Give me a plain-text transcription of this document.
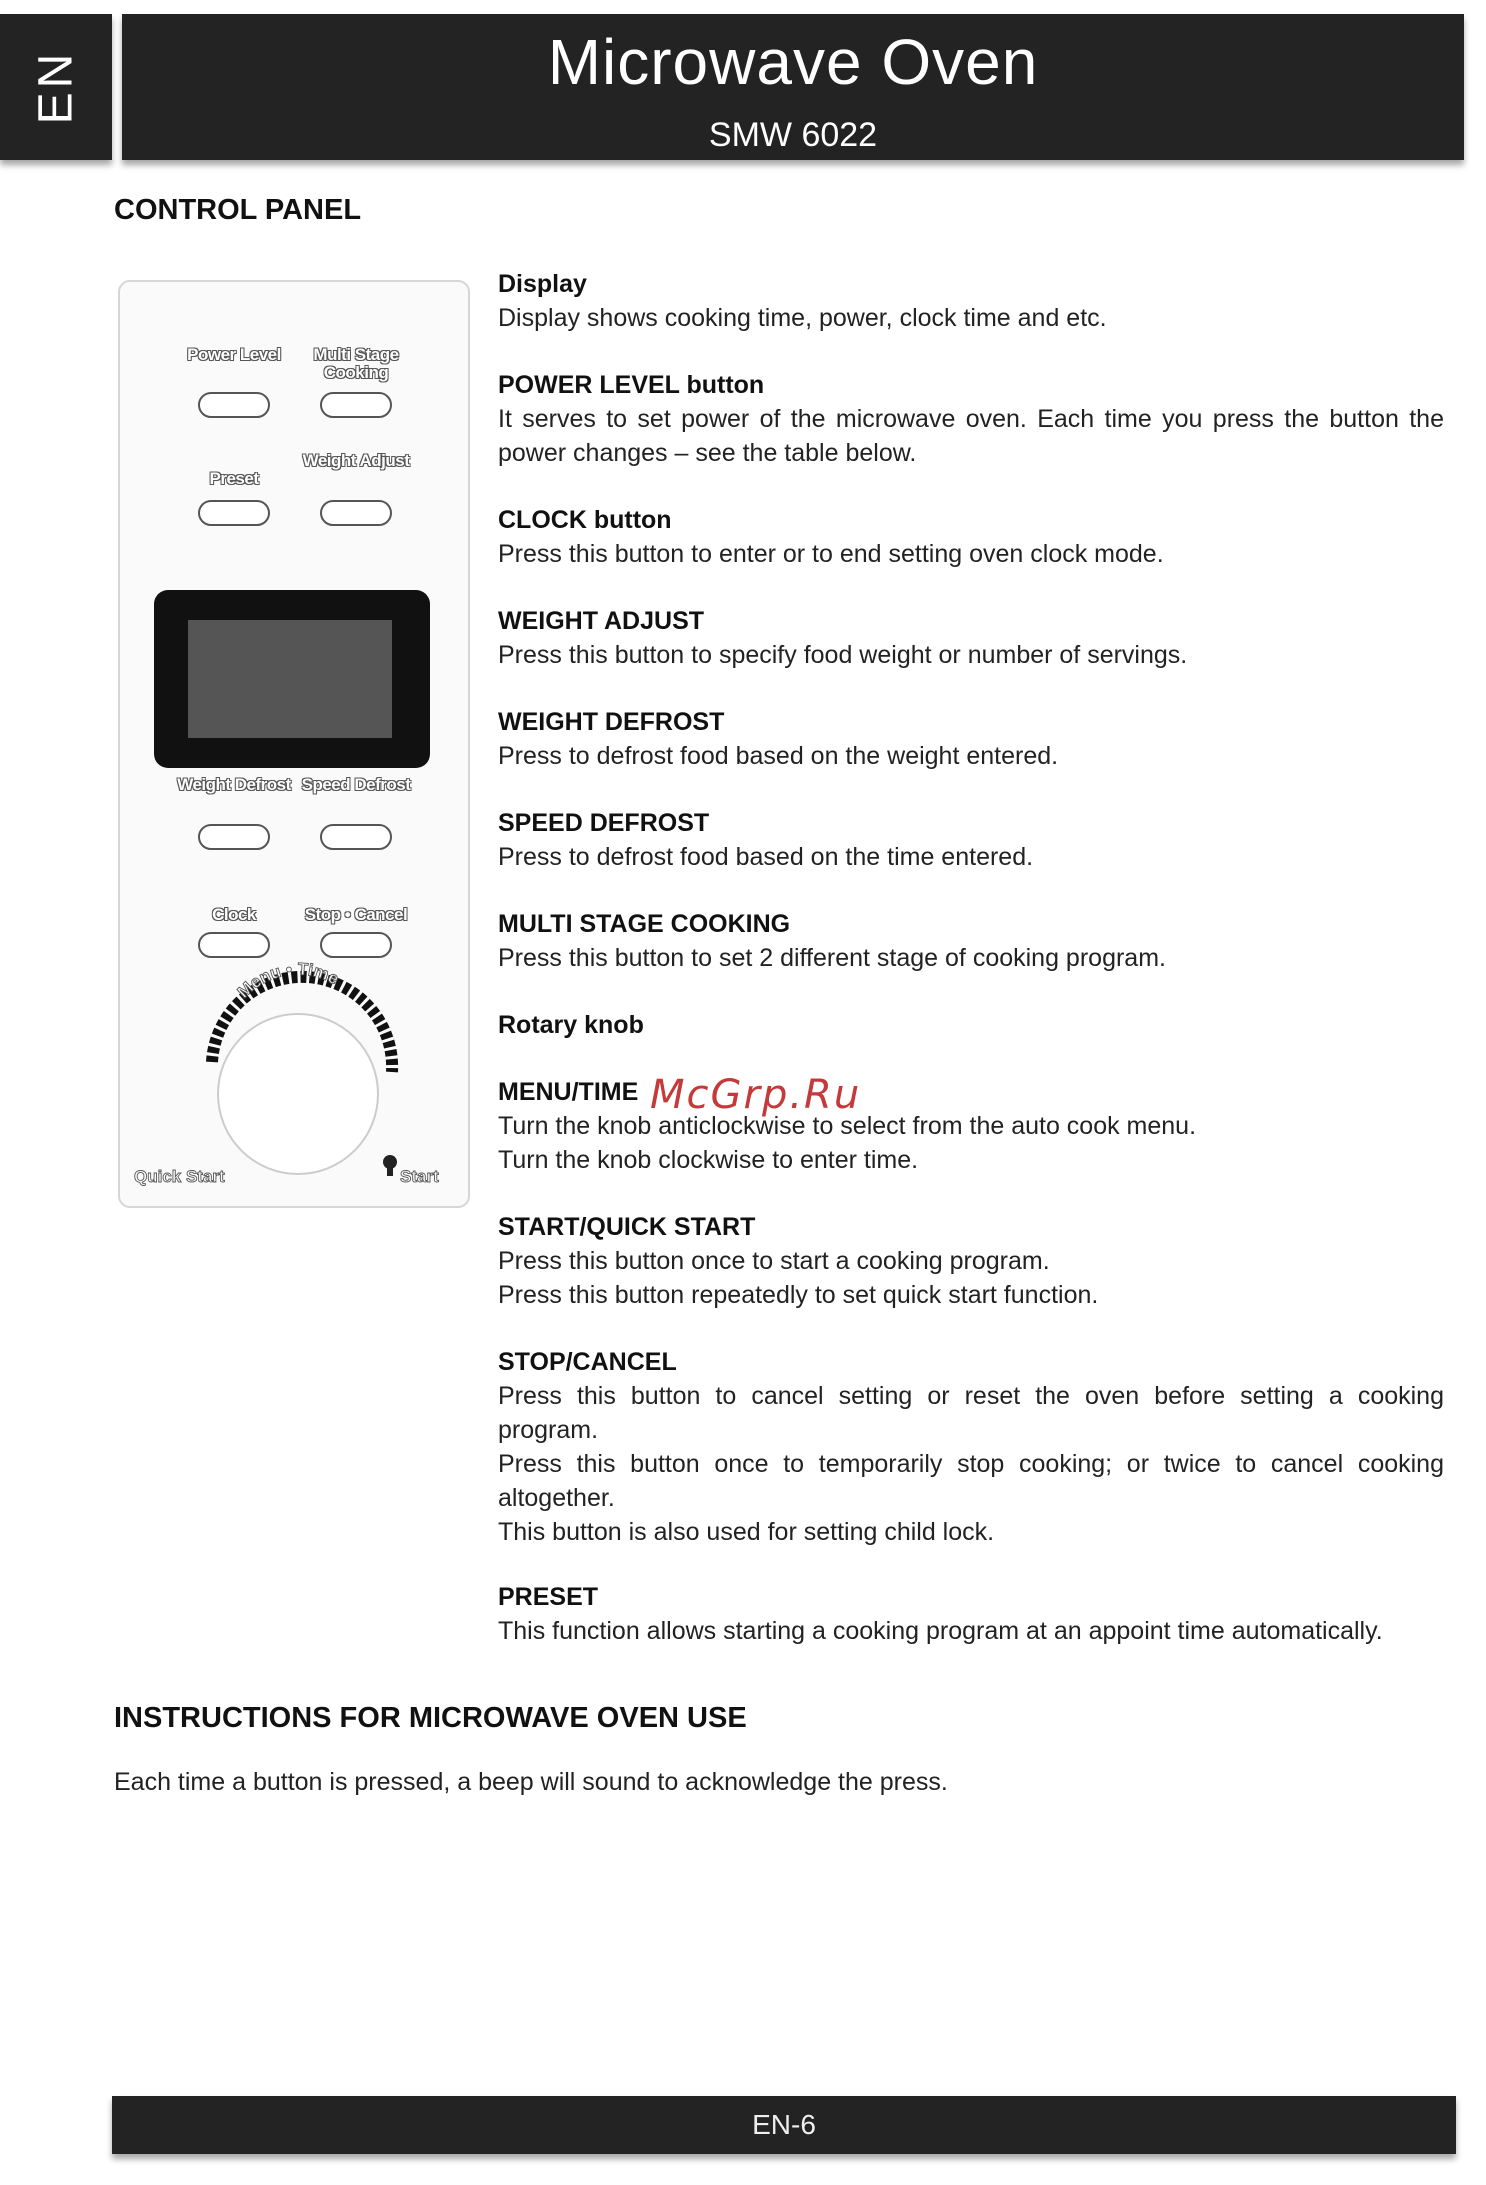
EN	Microwave Oven
SMW 6022
CONTROL PANEL
Power Level	Multi Stage Cooking
Preset
Weight Adjust
Weight Defrost Speed Defrost
Clock	Stop • Cancel
Menu • Time
Quick Start	Start

Display

Display shows cooking time, power, clock time and etc.

POWER LEVEL button

It serves to set power of the microwave oven. Each time you press the button the power changes – see the table below.

CLOCK button

Press this button to enter or to end setting oven clock mode.

WEIGHT ADJUST

Press this button to specify food weight or number of servings.

WEIGHT DEFROST

Press to defrost food based on the weight entered.

SPEED DEFROST

Press to defrost food based on the time entered.

MULTI STAGE COOKING

Press this button to set 2 different stage of cooking program.

Rotary knob

MENU/TIME

Turn the knob anticlockwise to select from the auto cook menu.

Turn the knob clockwise to enter time.

McGrp.Ru

START/QUICK START

Press this button once to start a cooking program.

Press this button repeatedly to set quick start function.

STOP/CANCEL

Press this button to cancel setting or reset the oven before setting a cooking program.

Press this button once to temporarily stop cooking; or twice to cancel cooking altogether.

This button is also used for setting child lock.

PRESET

This function allows starting a cooking program at an appoint time automatically.

INSTRUCTIONS FOR MICROWAVE OVEN USE
Each time a button is pressed, a beep will sound to acknowledge the press.
EN-6
